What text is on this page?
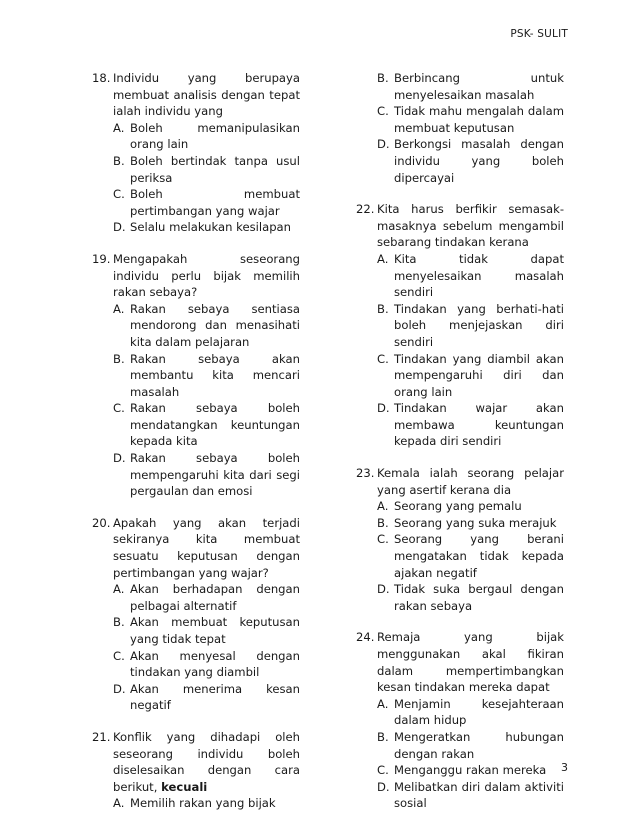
PSK- SULIT
18. Individu yang berupaya membuat analisis dengan tepat ialah individu yang
A. Boleh memanipulasikan orang lain
B. Boleh bertindak tanpa usul periksa
C. Boleh membuat pertimbangan yang wajar
D. Selalu melakukan kesilapan
19. Mengapakah seseorang individu perlu bijak memilih rakan sebaya?
A. Rakan sebaya sentiasa mendorong dan menasihati kita dalam pelajaran
B. Rakan sebaya akan membantu kita mencari masalah
C. Rakan sebaya boleh mendatangkan keuntungan kepada kita
D. Rakan sebaya boleh mempengaruhi kita dari segi pergaulan dan emosi
20. Apakah yang akan terjadi sekiranya kita membuat sesuatu keputusan dengan pertimbangan yang wajar?
A. Akan berhadapan dengan pelbagai alternatif
B. Akan membuat keputusan yang tidak tepat
C. Akan menyesal dengan tindakan yang diambil
D. Akan menerima kesan negatif
21. Konflik yang dihadapi oleh seseorang individu boleh diselesaikan dengan cara berikut, kecuali
A. Memilih rakan yang bijak
B. Berbincang untuk menyelesaikan masalah
C. Tidak mahu mengalah dalam membuat keputusan
D. Berkongsi masalah dengan individu yang boleh dipercayai
22. Kita harus berfikir semasak-masaknya sebelum mengambil sebarang tindakan kerana
A. Kita tidak dapat menyelesaikan masalah sendiri
B. Tindakan yang berhati-hati boleh menjejaskan diri sendiri
C. Tindakan yang diambil akan mempengaruhi diri dan orang lain
D. Tindakan wajar akan membawa keuntungan kepada diri sendiri
23. Kemala ialah seorang pelajar yang asertif kerana dia
A. Seorang yang pemalu
B. Seorang yang suka merajuk
C. Seorang yang berani mengatakan tidak kepada ajakan negatif
D. Tidak suka bergaul dengan rakan sebaya
24. Remaja yang bijak menggunakan akal fikiran dalam mempertimbangkan kesan tindakan mereka dapat
A. Menjamin kesejahteraan dalam hidup
B. Mengeratkan hubungan dengan rakan
C. Menganggu rakan mereka
D. Melibatkan diri dalam aktiviti sosial
3
